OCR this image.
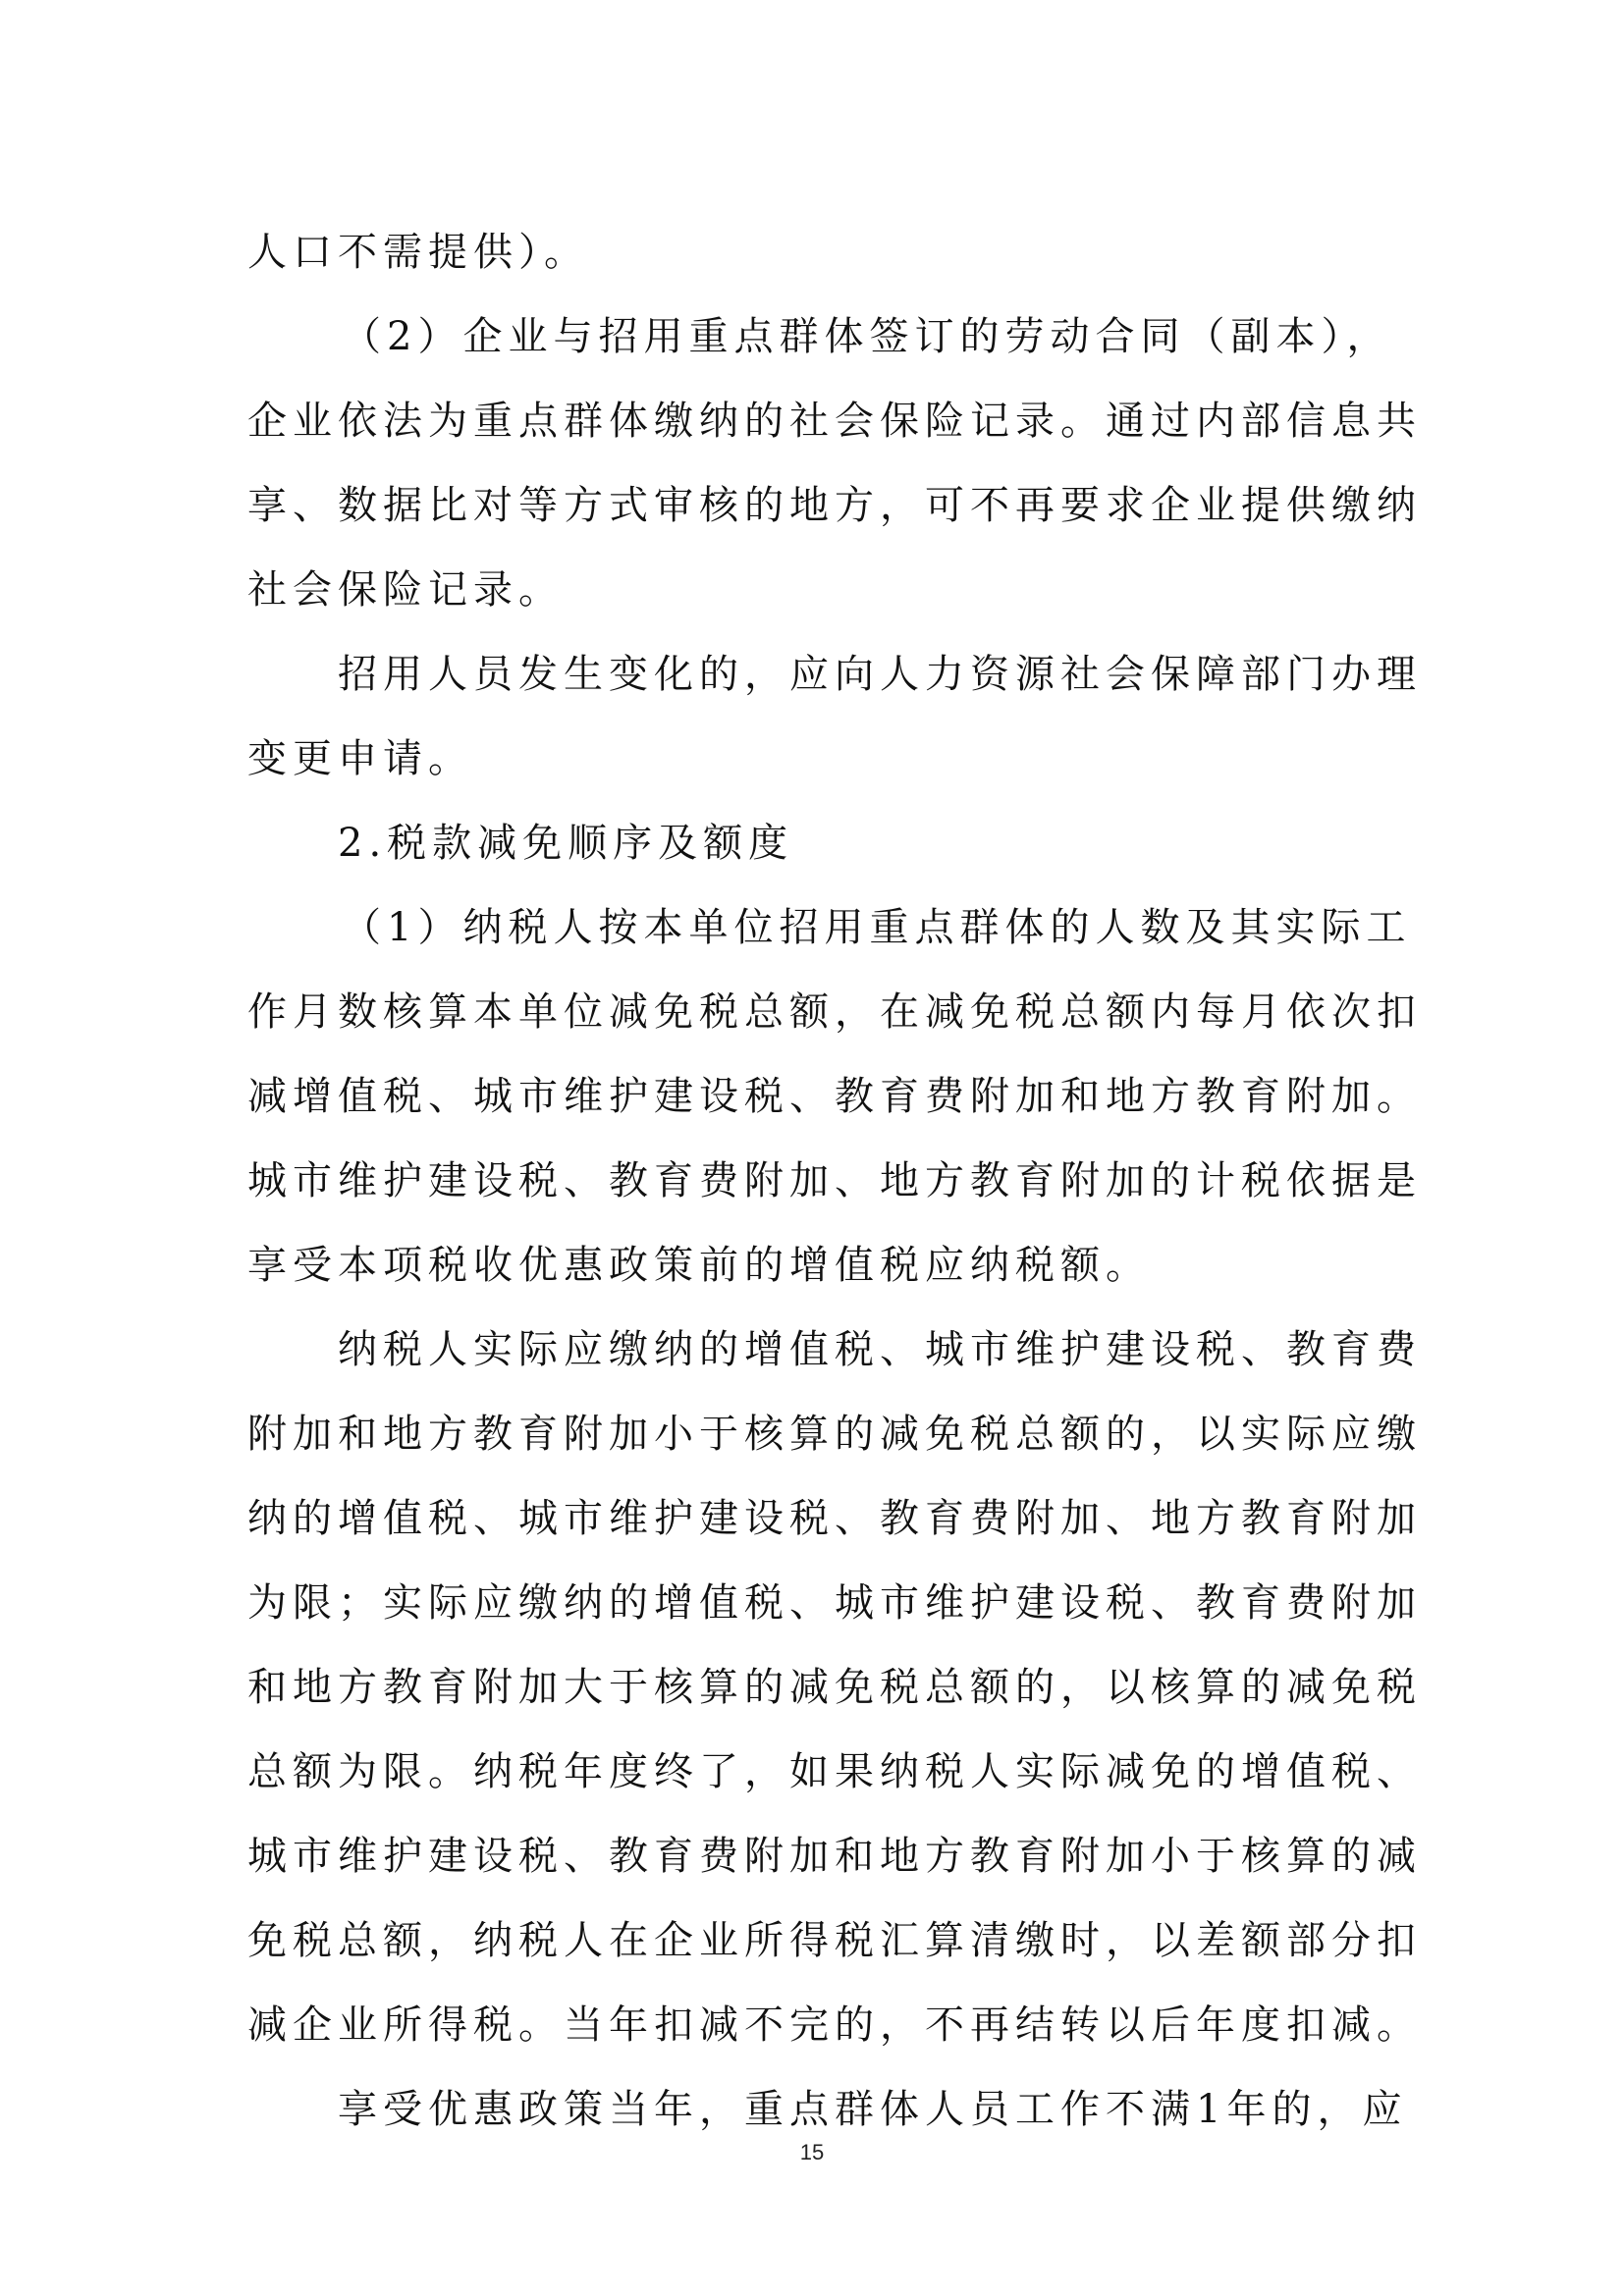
人口不需提供）。
（2）企业与招用重点群体签订的劳动合同（副本），
企业依法为重点群体缴纳的社会保险记录。通过内部信息共
享、数据比对等方式审核的地方，可不再要求企业提供缴纳
社会保险记录。
招用人员发生变化的，应向人力资源社会保障部门办理
变更申请。
2.税款减免顺序及额度
（1）纳税人按本单位招用重点群体的人数及其实际工
作月数核算本单位减免税总额，在减免税总额内每月依次扣
减增值税、城市维护建设税、教育费附加和地方教育附加。
城市维护建设税、教育费附加、地方教育附加的计税依据是
享受本项税收优惠政策前的增值税应纳税额。
纳税人实际应缴纳的增值税、城市维护建设税、教育费
附加和地方教育附加小于核算的减免税总额的，以实际应缴
纳的增值税、城市维护建设税、教育费附加、地方教育附加
为限；实际应缴纳的增值税、城市维护建设税、教育费附加
和地方教育附加大于核算的减免税总额的，以核算的减免税
总额为限。纳税年度终了，如果纳税人实际减免的增值税、
城市维护建设税、教育费附加和地方教育附加小于核算的减
免税总额，纳税人在企业所得税汇算清缴时，以差额部分扣
减企业所得税。当年扣减不完的，不再结转以后年度扣减。
享受优惠政策当年，重点群体人员工作不满1年的，应
15
